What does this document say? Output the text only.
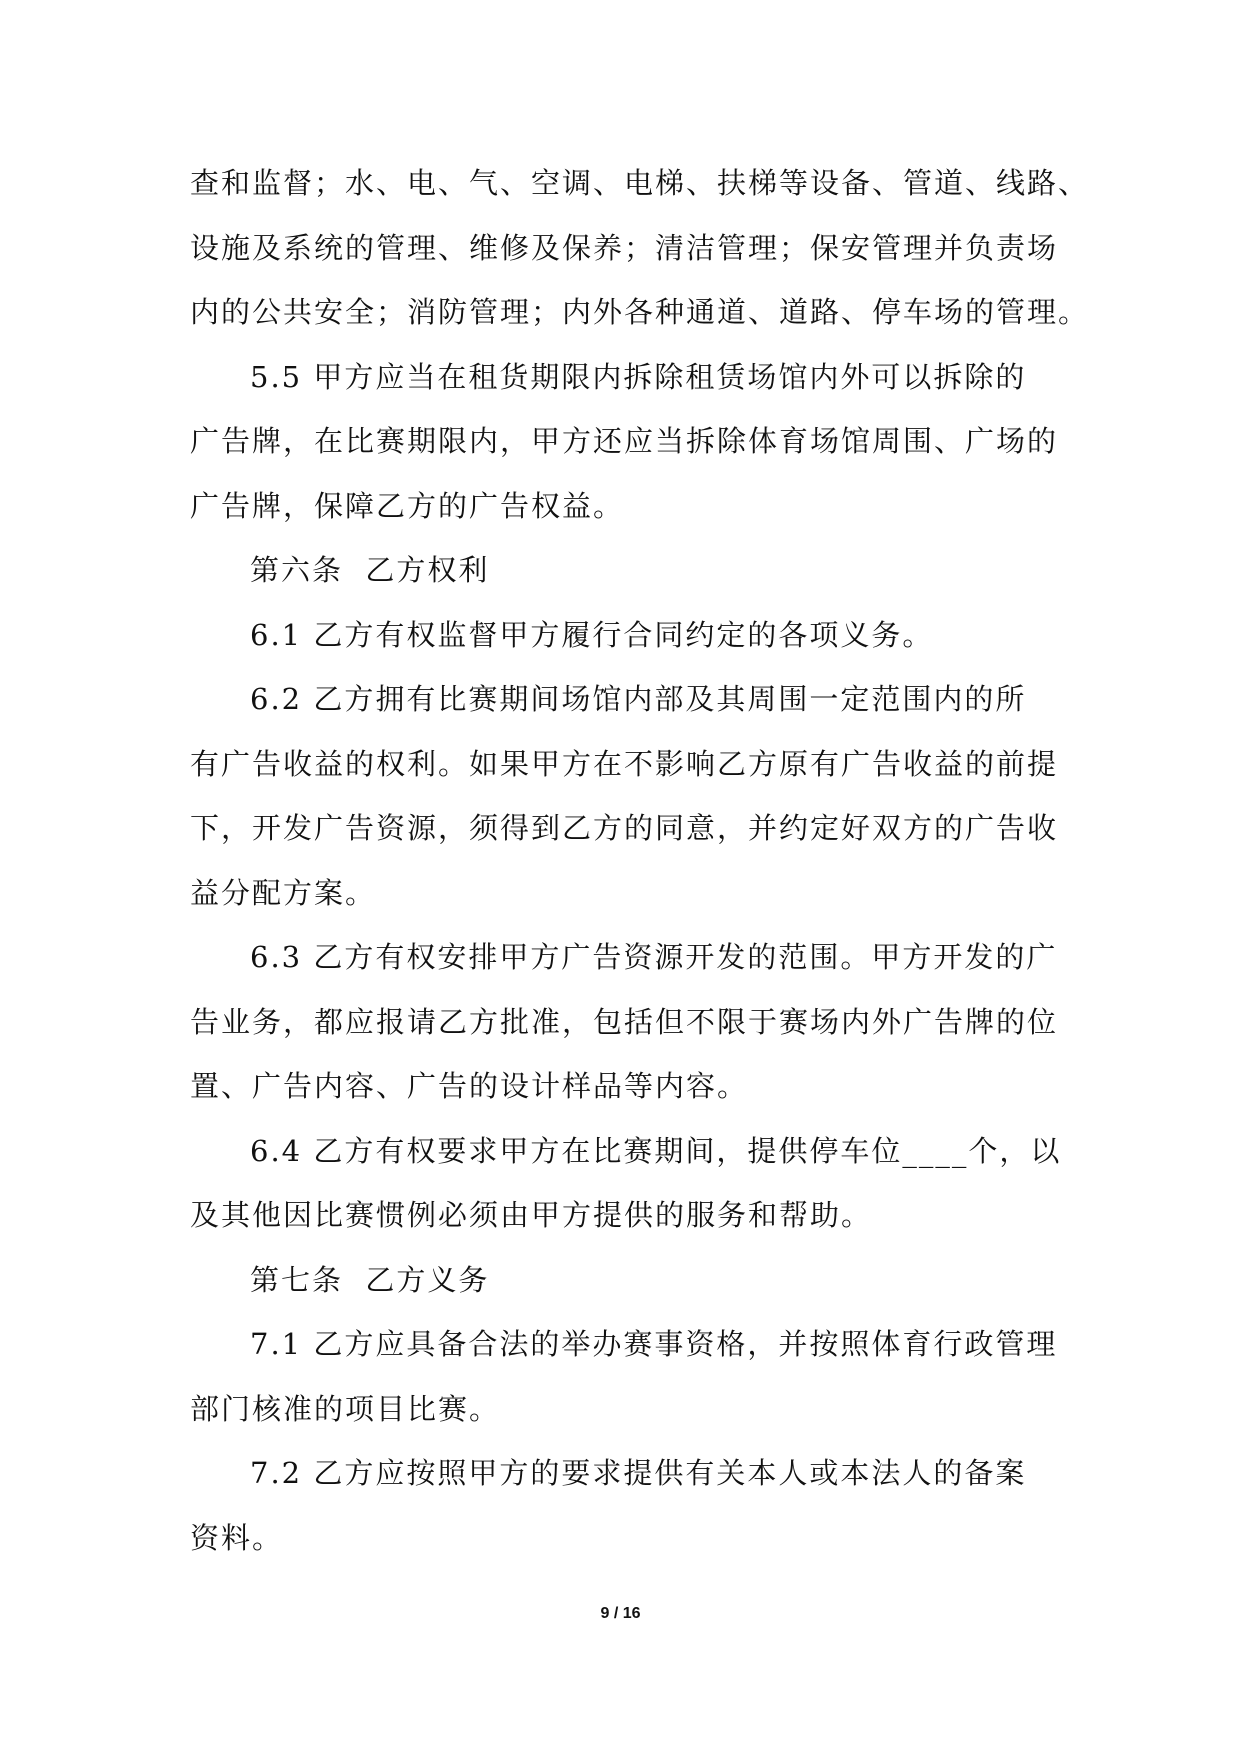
查和监督；水、电、气、空调、电梯、扶梯等设备、管道、线路、
设施及系统的管理、维修及保养；清洁管理；保安管理并负责场
内的公共安全；消防管理；内外各种通道、道路、停车场的管理。
5.5 甲方应当在租货期限内拆除租赁场馆内外可以拆除的
广告牌，在比赛期限内，甲方还应当拆除体育场馆周围、广场的
广告牌，保障乙方的广告权益。
第六条  乙方权利
6.1 乙方有权监督甲方履行合同约定的各项义务。
6.2 乙方拥有比赛期间场馆内部及其周围一定范围内的所
有广告收益的权利。如果甲方在不影响乙方原有广告收益的前提
下，开发广告资源，须得到乙方的同意，并约定好双方的广告收
益分配方案。
6.3 乙方有权安排甲方广告资源开发的范围。甲方开发的广
告业务，都应报请乙方批准，包括但不限于赛场内外广告牌的位
置、广告内容、广告的设计样品等内容。
6.4 乙方有权要求甲方在比赛期间，提供停车位____个，以
及其他因比赛惯例必须由甲方提供的服务和帮助。
第七条  乙方义务
7.1 乙方应具备合法的举办赛事资格，并按照体育行政管理
部门核准的项目比赛。
7.2 乙方应按照甲方的要求提供有关本人或本法人的备案
资料。
9 / 16
